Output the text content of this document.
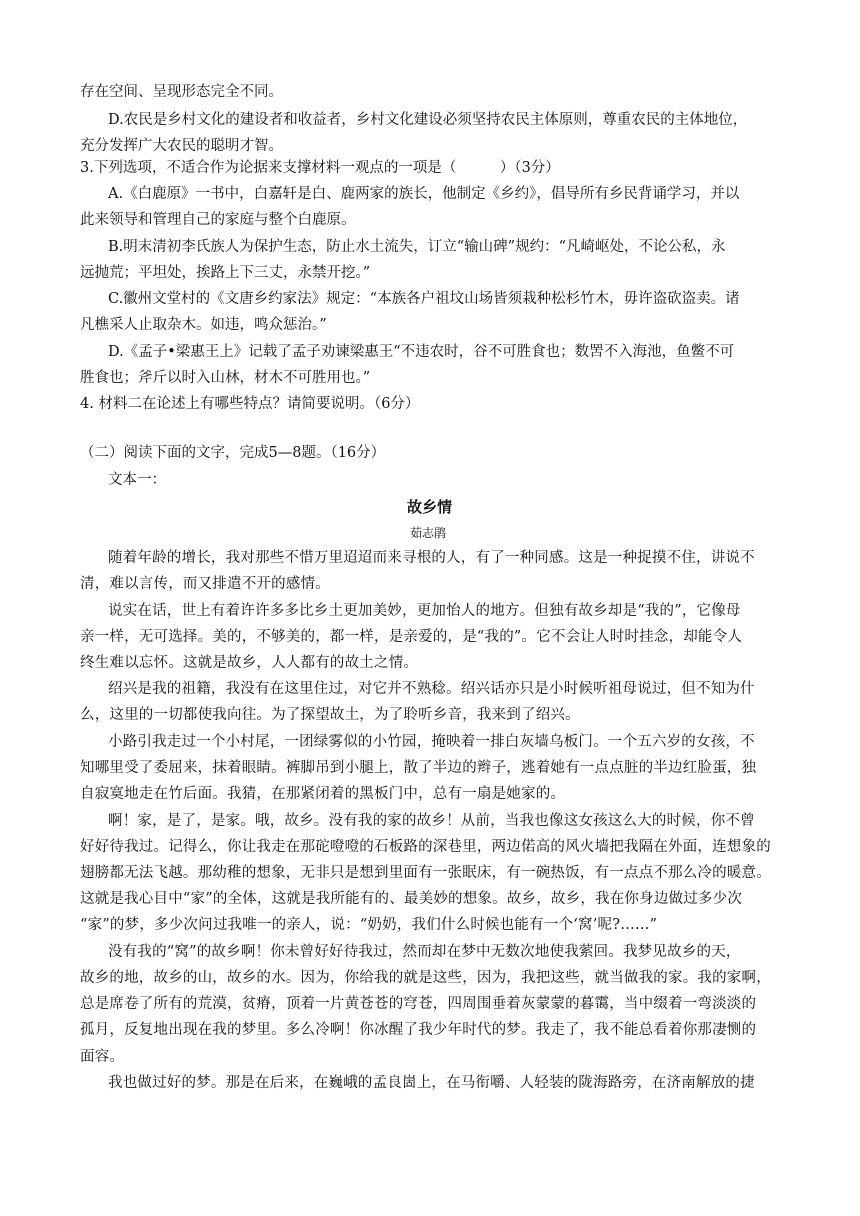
存在空间、呈现形态完全不同。
D.农民是乡村文化的建设者和收益者，乡村文化建设必须坚持农民主体原则，尊重农民的主体地位，
充分发挥广大农民的聪明才智。
3.下列选项，不适合作为论据来支撑材料一观点的一项是（　　　）（3分）
A.《白鹿原》一书中，白嘉轩是白、鹿两家的族长，他制定《乡约》，倡导所有乡民背诵学习，并以
此来领导和管理自己的家庭与整个白鹿原。
B.明末清初李氏族人为保护生态，防止水土流失，订立“输山碑”规约：“凡崎岖处，不论公私，永
远抛荒；平坦处，挨路上下三丈，永禁开挖。”
C.徽州文堂村的《文唐乡约家法》规定：“本族各户祖坟山场皆须栽种松杉竹木，毋许盗砍盗卖。诸
凡樵采人止取杂木。如违，鸣众惩治。”
D.《孟子•梁惠王上》记载了孟子劝谏梁惠王“不违农时，谷不可胜食也；数罟不入海池，鱼鳖不可
胜食也；斧斤以时入山林，材木不可胜用也。”
4. 材料二在论述上有哪些特点？请简要说明。（6分）
（二）阅读下面的文字，完成5—8题。（16分）
文本一：
故乡情
茹志鹃
随着年龄的增长，我对那些不惜万里迢迢而来寻根的人，有了一种同感。这是一种捉摸不住，讲说不
清，难以言传，而又排遣不开的感情。
说实在话，世上有着许许多多比乡土更加美妙，更加怡人的地方。但独有故乡却是“我的”，它像母
亲一样，无可选择。美的，不够美的，都一样，是亲爱的，是“我的”。它不会让人时时挂念，却能令人
终生难以忘怀。这就是故乡，人人都有的故土之情。
绍兴是我的祖籍，我没有在这里住过，对它并不熟稔。绍兴话亦只是小时候听祖母说过，但不知为什
么，这里的一切都使我向往。为了探望故土，为了聆听乡音，我来到了绍兴。
小路引我走过一个小村尾，一团绿雾似的小竹园，掩映着一排白灰墙乌板门。一个五六岁的女孩，不
知哪里受了委屈来，抹着眼睛。裤脚吊到小腿上，散了半边的辫子，逃着她有一点点脏的半边红脸蛋，独
自寂寞地走在竹后面。我猜，在那紧闭着的黑板门中，总有一扇是她家的。
啊！家，是了，是家。哦，故乡。没有我的家的故乡！从前，当我也像这女孩这么大的时候，你不曾
好好待我过。记得么，你让我走在那砣噔噔的石板路的深巷里，两边偌高的风火墙把我隔在外面，连想象的
翅膀都无法飞越。那幼稚的想象，无非只是想到里面有一张眠床，有一碗热饭，有一点点不那么冷的暖意。
这就是我心目中“家”的全体，这就是我所能有的、最美妙的想象。故乡，故乡，我在你身边做过多少次
“家”的梦，多少次问过我唯一的亲人，说：“奶奶，我们什么时候也能有一个‘窝’呢?……”
没有我的“窝”的故乡啊！你未曾好好待我过，然而却在梦中无数次地使我萦回。我梦见故乡的天，
故乡的地，故乡的山，故乡的水。因为，你给我的就是这些，因为，我把这些，就当做我的家。我的家啊，
总是席卷了所有的荒漠，贫瘠，顶着一片黄苍苍的穹苍，四周围垂着灰蒙蒙的暮霭，当中缀着一弯淡淡的
孤月，反复地出现在我的梦里。多么冷啊！你冰醒了我少年时代的梦。我走了，我不能总看着你那凄恻的
面容。
我也做过好的梦。那是在后来，在巍峨的孟良崮上，在马衔嚼、人轻装的陇海路旁，在济南解放的捷
